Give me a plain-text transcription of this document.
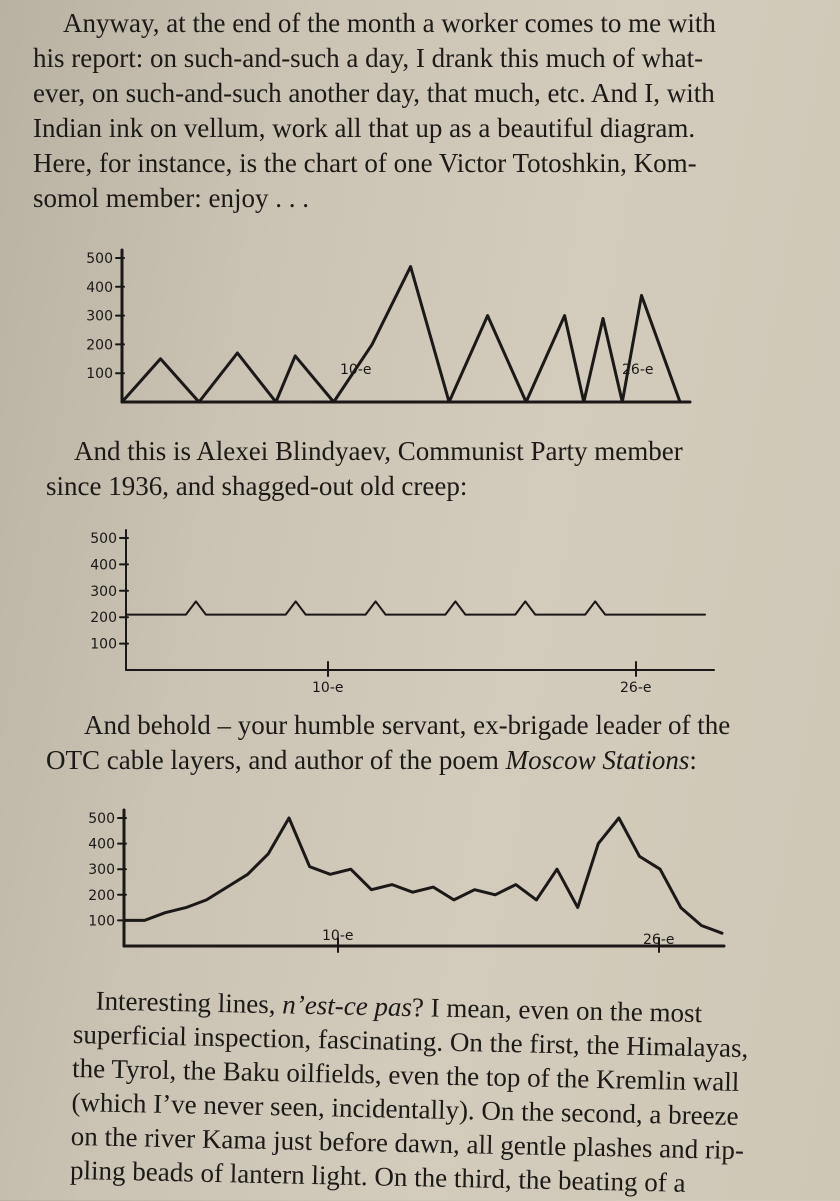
Anyway, at the end of the month a worker comes to me with
his report: on such-and-such a day, I drank this much of what-
ever, on such-and-such another day, that much, etc. And I, with
Indian ink on vellum, work all that up as a beautiful diagram.
Here, for instance, is the chart of one Victor Totoshkin, Kom-
somol member: enjoy . . .
500
400
300
200
100	10-e	26-e
And this is Alexei Blindyaev, Communist Party member
since 1936, and shagged-out old creep:
500
400
300
200
100
10-e	26-e
And behold – your humble servant, ex-brigade leader of the
OTC cable layers, and author of the poem Moscow Stations:
500
400
300
200
100
10-e	26-e
Interesting lines, n’est-ce pas? I mean, even on the most
superficial inspection, fascinating. On the first, the Himalayas,
the Tyrol, the Baku oilfields, even the top of the Kremlin wall
(which I’ve never seen, incidentally). On the second, a breeze
on the river Kama just before dawn, all gentle plashes and rip-
pling beads of lantern light. On the third, the beating of a
